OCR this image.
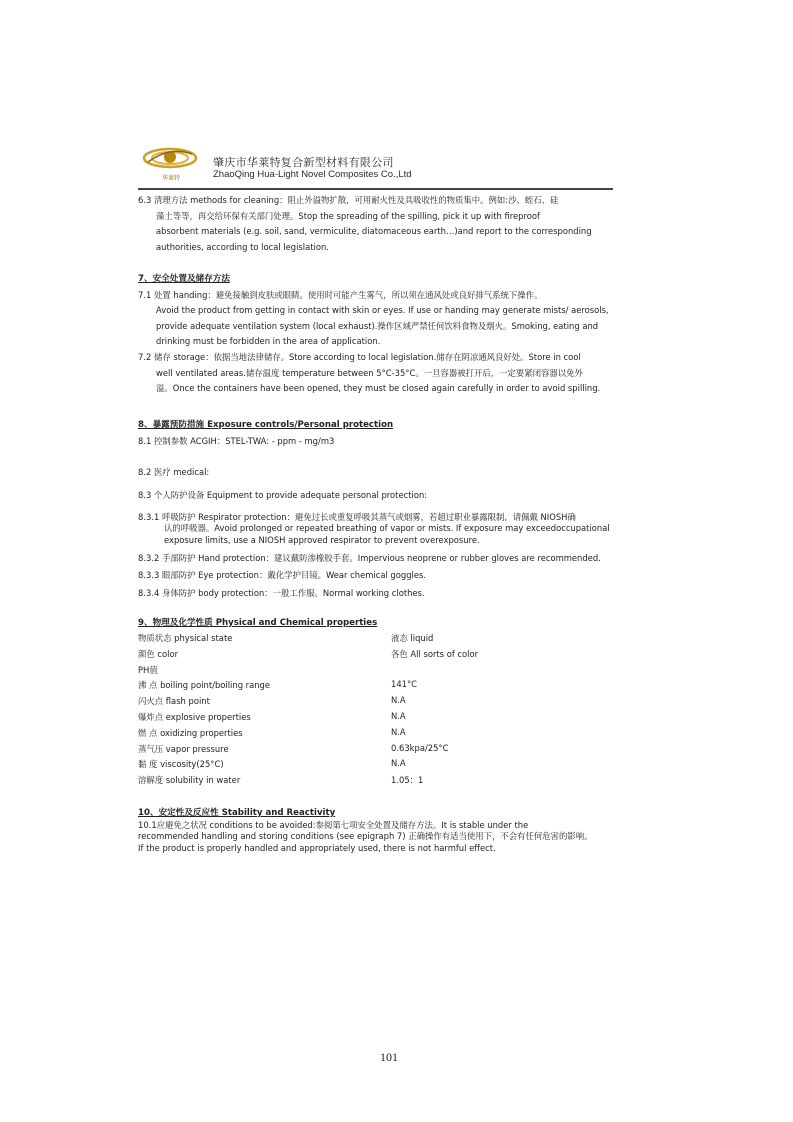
华莱特
肇庆市华莱特复合新型材料有限公司
ZhaoQing Hua-Light Novel Composites Co.,Ltd
6.3 清理方法 methods for cleaning：阻止外溢物扩散，可用耐火性及具吸收性的物质集中。例如:沙、蛭石、硅
藻土等等，再交给环保有关部门处理。Stop the spreading of the spilling, pick it up with fireproof
absorbent materials (e.g. soil, sand, vermiculite, diatomaceous earth…)and report to the corresponding
authorities, according to local legislation.
7、安全处置及储存方法
7.1 处置 handing：避免接触到皮肤或眼睛。使用时可能产生雾气，所以须在通风处或良好排气系统下操作。
Avoid the product from getting in contact with skin or eyes. If use or handing may generate mists/ aerosols,
provide adequate ventilation system (local exhaust).操作区域严禁任何饮料食物及烟火。Smoking, eating and
drinking must be forbidden in the area of application.
7.2 储存 storage：依据当地法律储存。Store according to local legislation.储存在阴凉通风良好处。Store in cool
well ventilated areas.储存温度 temperature between 5°C-35°C。一旦容器被打开后，一定要紧闭容器以免外
溢。Once the containers have been opened, they must be closed again carefully in order to avoid spilling.
8、暴露预防措施 Exposure controls/Personal protection
8.1 控制参数 ACGIH：STEL-TWA: - ppm - mg/m3
8.2 医疗 medical:
8.3 个人防护设备 Equipment to provide adequate personal protection:
8.3.1 呼吸防护 Respirator protection：避免过长或重复呼吸其蒸气或烟雾，若超过职业暴露限制，请佩戴 NIOSH确
认的呼吸器。Avoid prolonged or repeated breathing of vapor or mists. If exposure may exceedoccupational
exposure limits, use a NIOSH approved respirator to prevent overexposure.
8.3.2 手部防护 Hand protection：建议戴防渗橡胶手套。Impervious neoprene or rubber gloves are recommended.
8.3.3 眼部防护 Eye protection：戴化学护目镜。Wear chemical goggles.
8.3.4 身体防护 body protection：一般工作服。Normal working clothes.
9、物理及化学性质 Physical and Chemical properties
物质状态 physical state	液态 liquid
颜色 color	各色 All sorts of color
PH值
沸 点 boiling point/boiling range	141°C
闪火点 flash point	N.A
爆炸点 explosive properties	N.A
燃 点 oxidizing properties	N.A
蒸气压 vapor pressure	0.63kpa/25°C
黏 度 viscosity(25°C)	N.A
溶解度 solubility in water	1.05：1
10、安定性及反应性 Stability and Reactivity
10.1应避免之状况 conditions to be avoided:参阅第七项安全处置及储存方法。It is stable under the
recommended handling and storing conditions (see epigraph 7) 正确操作有适当使用下，不会有任何危害的影响。
If the product is properly handled and appropriately used, there is not harmful effect.
101
